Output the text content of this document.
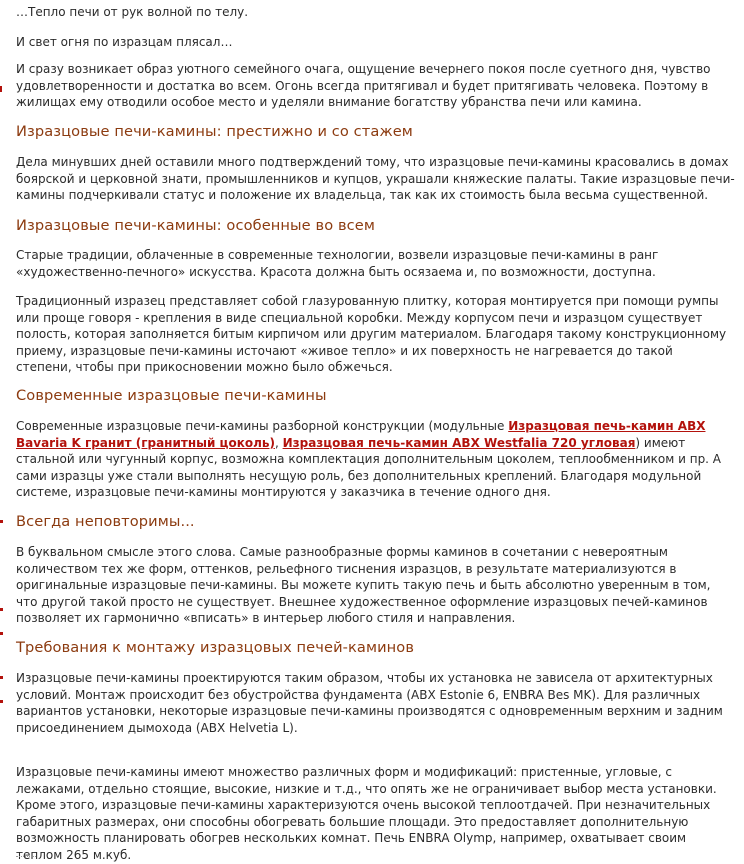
…Тепло печи от рук волной по телу.

И свет огня по изразцам плясал…

И сразу возникает образ уютного семейного очага, ощущение вечернего покоя после суетного дня, чувство удовлетворенности и достатка во всем. Огонь всегда притягивал и будет притягивать человека. Поэтому в жилищах ему отводили особое место и уделяли внимание богатству убранства печи или камина.

Изразцовые печи-камины: престижно и со стажем

Дела минувших дней оставили много подтверждений тому, что изразцовые печи-камины красовались в домах боярской и церковной знати, промышленников и купцов, украшали княжеские палаты. Такие изразцовые печи-камины подчеркивали статус и положение их владельца, так как их стоимость была весьма существенной.

Изразцовые печи-камины: особенные во всем

Старые традиции, облаченные в современные технологии, возвели изразцовые печи-камины в ранг «художественно-печного» искусства. Красота должна быть осязаема и, по возможности, доступна.

Традиционный изразец представляет собой глазурованную плитку, которая монтируется при помощи румпы или проще говоря - крепления в виде специальной коробки. Между корпусом печи и изразцом существует полость, которая заполняется битым кирпичом или другим материалом. Благодаря такому конструкционному приему, изразцовые печи-камины источают «живое тепло» и их поверхность не нагревается до такой степени, чтобы при прикосновении можно было обжечься.

Современные изразцовые печи-камины

Современные изразцовые печи-камины разборной конструкции (модульные Изразцовая печь-камин ABX Bavaria K гранит (гранитный цоколь), Изразцовая печь-камин ABX Westfalia 720 угловая) имеют стальной или чугунный корпус, возможна комплектация дополнительным цоколем, теплообменником и пр. А сами изразцы уже стали выполнять несущую роль, без дополнительных креплений. Благодаря модульной системе, изразцовые печи-камины монтируются у заказчика в течение одного дня.

Всегда неповторимы...

В буквальном смысле этого слова. Самые разнообразные формы каминов в сочетании с невероятным количеством тех же форм, оттенков, рельефного тиснения изразцов, в результате материализуются в оригинальные изразцовые печи-камины. Вы можете купить такую печь и быть абсолютно уверенным в том, что другой такой просто не существует. Внешнее художественное оформление изразцовых печей-каминов позволяет их гармонично «вписать» в интерьер любого стиля и направления.

Требования к монтажу изразцовых печей-каминов

Изразцовые печи-камины проектируются таким образом, чтобы их установка не зависела от архитектурных условий. Монтаж происходит без обустройства фундамента (ABX Estonie 6, ENBRA Bes MK). Для различных вариантов установки, некоторые изразцовые печи-камины производятся с одновременным верхним и задним присоединением дымохода (ABX Helvetia L).

Изразцовые печи-камины имеют множество различных форм и модификаций: пристенные, угловые, с лежаками, отдельно стоящие, высокие, низкие и т.д., что опять же не ограничивает выбор места установки. Кроме этого, изразцовые печи-камины характеризуются очень высокой теплоотдачей. При незначительных габаритных размерах, они способны обогревать большие площади. Это предоставляет дополнительную возможность планировать обогрев нескольких комнат. Печь ENBRA Olymp, например, охватывает своим теплом 265 м.куб.
